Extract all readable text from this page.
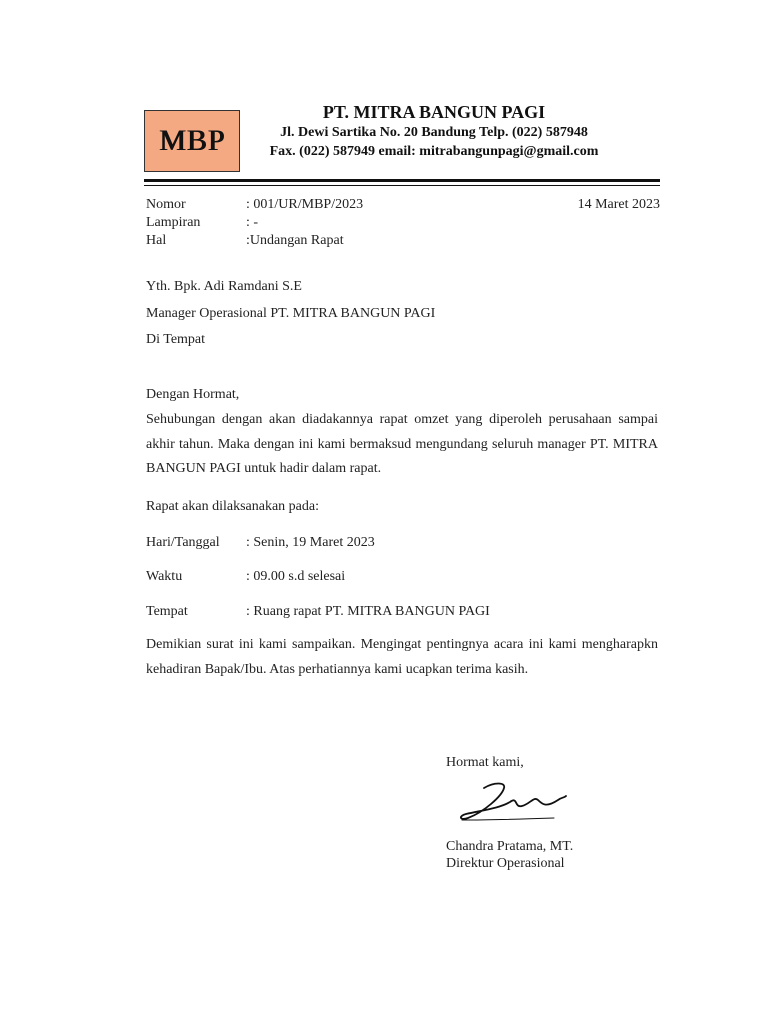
MBP
PT. MITRA BANGUN PAGI
Jl. Dewi Sartika No. 20 Bandung Telp. (022) 587948
Fax. (022) 587949 email: mitrabangunpagi@gmail.com
Nomor	: 001/UR/MBP/2023	14 Maret 2023
Lampiran	: -
Hal	:Undangan Rapat
Yth. Bpk. Adi Ramdani S.E
Manager Operasional PT. MITRA BANGUN PAGI
Di Tempat
Dengan Hormat,
Sehubungan dengan akan diadakannya rapat omzet yang diperoleh perusahaan sampai akhir tahun. Maka dengan ini kami bermaksud mengundang seluruh manager PT. MITRA BANGUN PAGI untuk hadir dalam rapat.
Rapat akan dilaksanakan pada:
Hari/Tanggal : Senin, 19 Maret 2023
Waktu	: 09.00 s.d selesai
Tempat	: Ruang rapat PT. MITRA BANGUN PAGI
Demikian surat ini kami sampaikan. Mengingat pentingnya acara ini kami mengharapkn kehadiran Bapak/Ibu. Atas perhatiannya kami ucapkan terima kasih.
Hormat kami,
Chandra Pratama, MT.
Direktur Operasional
